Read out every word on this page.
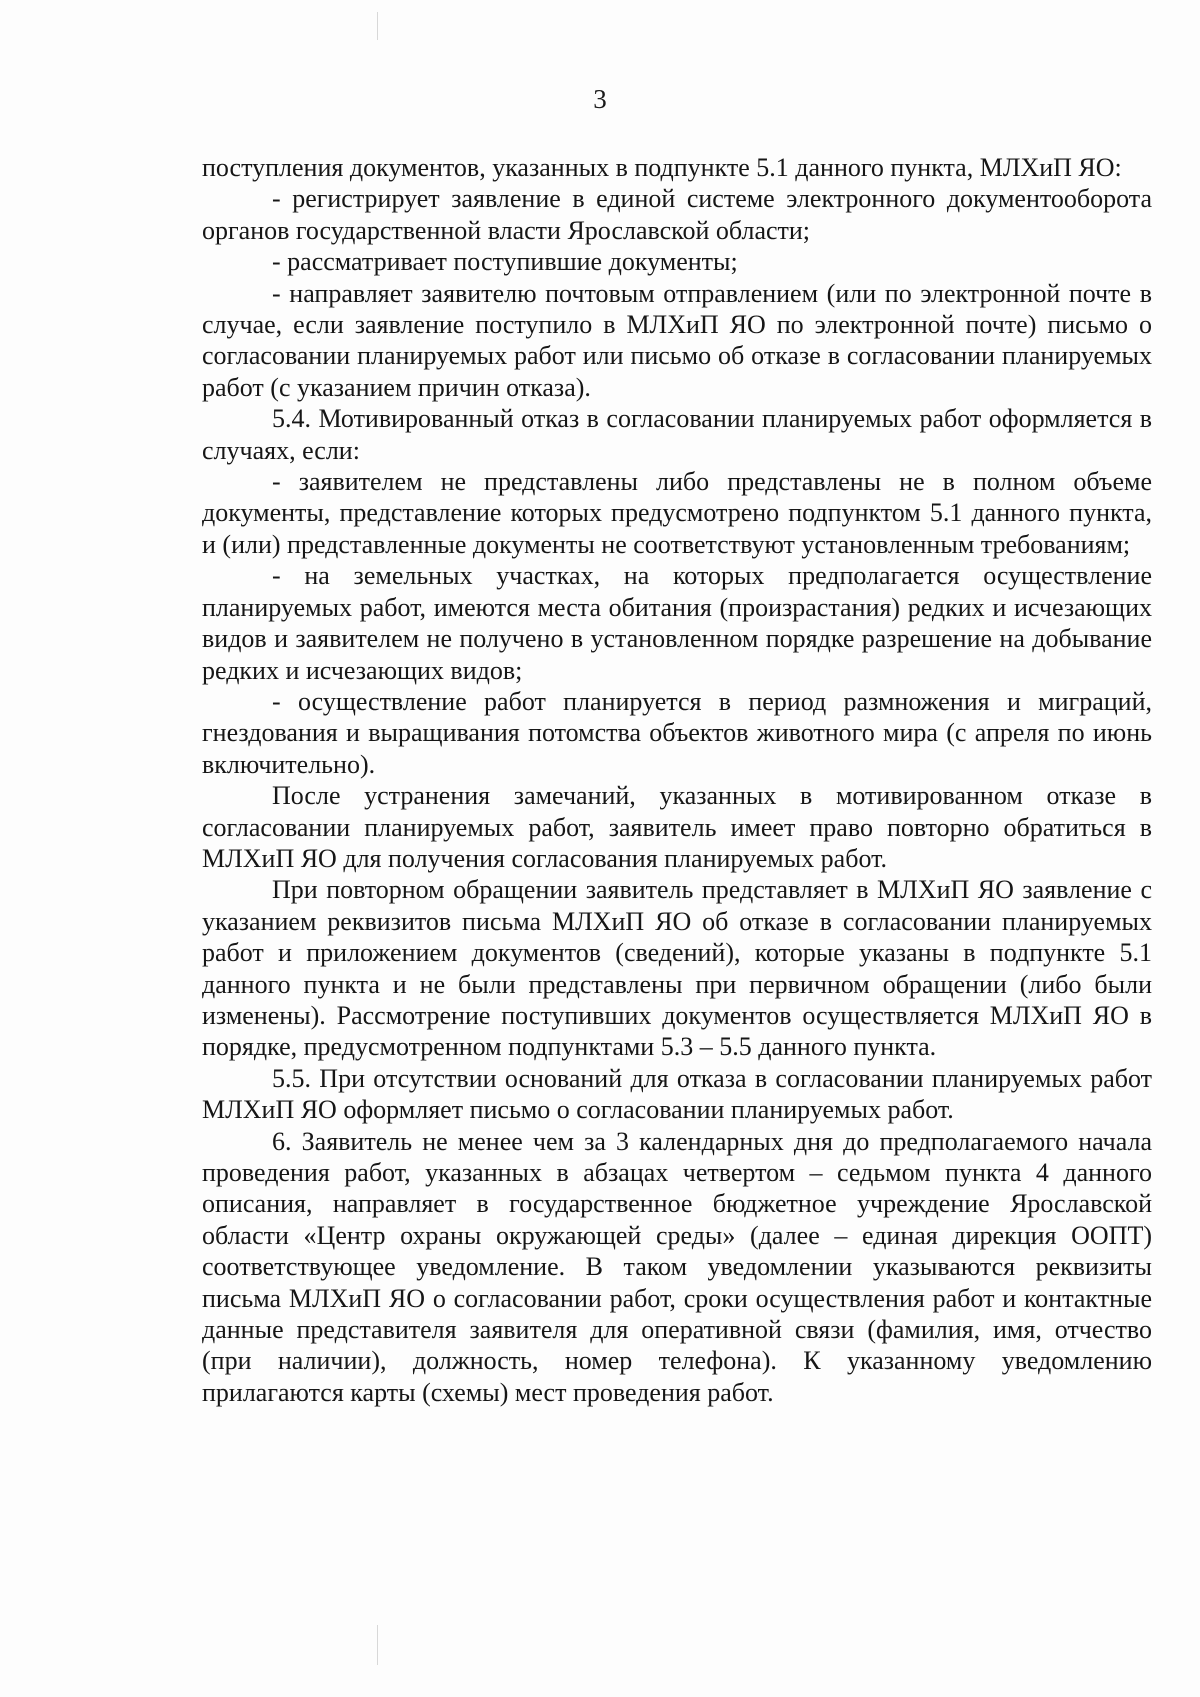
3

поступления документов, указанных в подпункте 5.1 данного пункта, МЛХиП ЯО:

- регистрирует заявление в единой системе электронного документооборота органов государственной власти Ярославской области;

- рассматривает поступившие документы;

- направляет заявителю почтовым отправлением (или по электронной почте в случае, если заявление поступило в МЛХиП ЯО по электронной почте) письмо о согласовании планируемых работ или письмо об отказе в согласовании планируемых работ (с указанием причин отказа).

5.4. Мотивированный отказ в согласовании планируемых работ оформляется в случаях, если:

- заявителем не представлены либо представлены не в полном объеме документы, представление которых предусмотрено подпунктом 5.1 данного пункта, и (или) представленные документы не соответствуют установленным требованиям;

- на земельных участках, на которых предполагается осуществление планируемых работ, имеются места обитания (произрастания) редких и исчезающих видов и заявителем не получено в установленном порядке разрешение на добывание редких и исчезающих видов;

- осуществление работ планируется в период размножения и миграций, гнездования и выращивания потомства объектов животного мира (с апреля по июнь включительно).

После устранения замечаний, указанных в мотивированном отказе в согласовании планируемых работ, заявитель имеет право повторно обратиться в МЛХиП ЯО для получения согласования планируемых работ.

При повторном обращении заявитель представляет в МЛХиП ЯО заявление с указанием реквизитов письма МЛХиП ЯО об отказе в согласовании планируемых работ и приложением документов (сведений), которые указаны в подпункте 5.1 данного пункта и не были представлены при первичном обращении (либо были изменены). Рассмотрение поступивших документов осуществляется МЛХиП ЯО в порядке, предусмотренном подпунктами 5.3 – 5.5 данного пункта.

5.5. При отсутствии оснований для отказа в согласовании планируемых работ МЛХиП ЯО оформляет письмо о согласовании планируемых работ.

6. Заявитель не менее чем за 3 календарных дня до предполагаемого начала проведения работ, указанных в абзацах четвертом – седьмом пункта 4 данного описания, направляет в государственное бюджетное учреждение Ярославской области «Центр охраны окружающей среды» (далее – единая дирекция ООПТ) соответствующее уведомление. В таком уведомлении указываются реквизиты письма МЛХиП ЯО о согласовании работ, сроки осуществления работ и контактные данные представителя заявителя для оперативной связи (фамилия, имя, отчество (при наличии), должность, номер телефона). К указанному уведомлению прилагаются карты (схемы) мест проведения работ.
